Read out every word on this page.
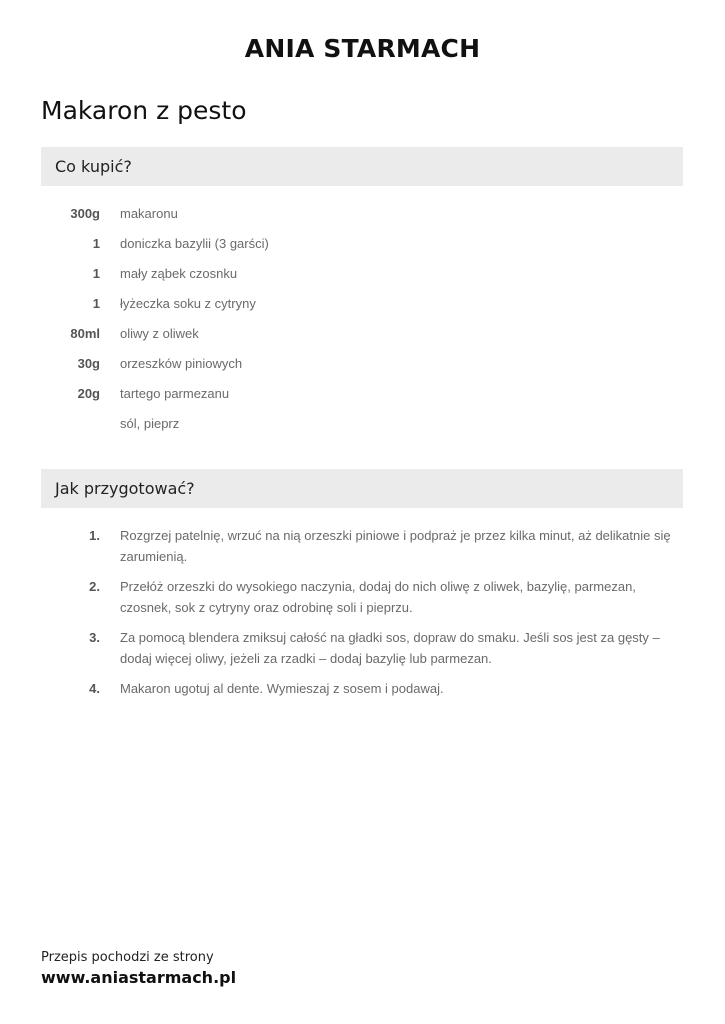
ANIA STARMACH
Makaron z pesto
Co kupić?
300g makaronu
1 doniczka bazylii (3 garści)
1 mały ząbek czosnku
1 łyżeczka soku z cytryny
80ml oliwy z oliwek
30g orzeszków piniowych
20g tartego parmezanu
sól, pieprz
Jak przygotować?
1. Rozgrzej patelnię, wrzuć na nią orzeszki piniowe i podpraż je przez kilka minut, aż delikatnie się zarumienią.
2. Przełóż orzeszki do wysokiego naczynia, dodaj do nich oliwę z oliwek, bazylię, parmezan, czosnek, sok z cytryny oraz odrobinę soli i pieprzu.
3. Za pomocą blendera zmiksuj całość na gładki sos, dopraw do smaku. Jeśli sos jest za gęsty – dodaj więcej oliwy, jeżeli za rzadki – dodaj bazylię lub parmezan.
4. Makaron ugotuj al dente. Wymieszaj z sosem i podawaj.
Przepis pochodzi ze strony
www.aniastarmach.pl
